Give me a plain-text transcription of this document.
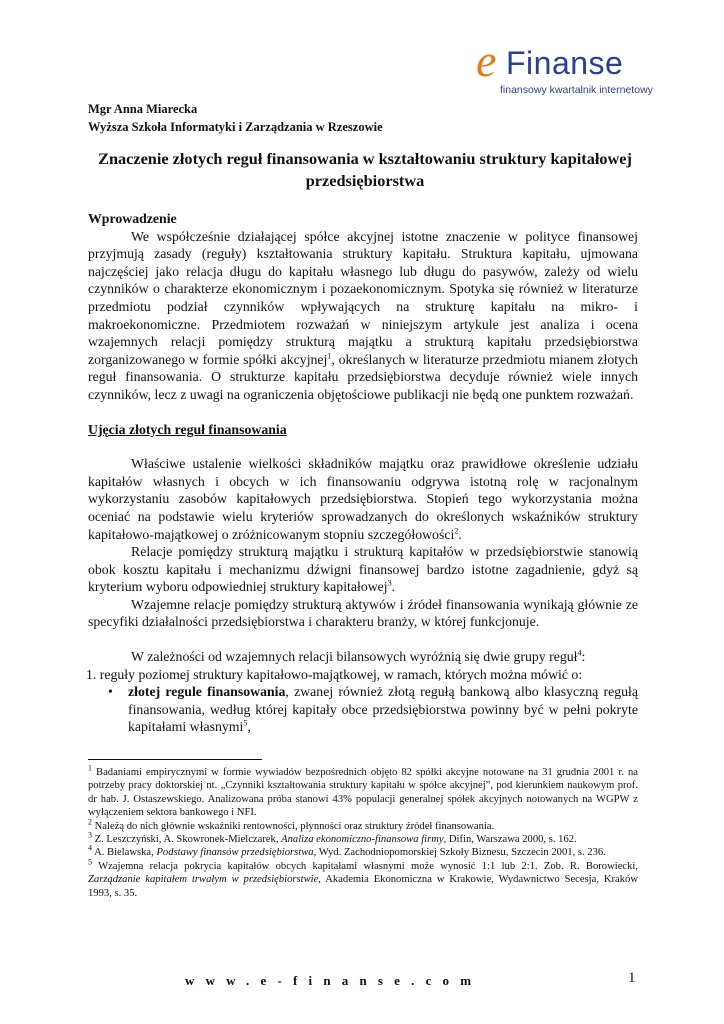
e Finanse
finansowy kwartalnik internetowy
Mgr Anna Miarecka
Wyższa Szkoła Informatyki i Zarządzania w Rzeszowie
Znaczenie złotych reguł finansowania w kształtowaniu struktury kapitałowej przedsiębiorstwa

Wprowadzenie

We współcześnie działającej spółce akcyjnej istotne znaczenie w polityce finansowej przyjmują zasady (reguły) kształtowania struktury kapitału. Struktura kapitału, ujmowana najczęściej jako relacja długu do kapitału własnego lub długu do pasywów, zależy od wielu czynników o charakterze ekonomicznym i pozaekonomicznym. Spotyka się również w literaturze przedmiotu podział czynników wpływających na strukturę kapitału na mikro- i makroekonomiczne. Przedmiotem rozważań w niniejszym artykule jest analiza i ocena wzajemnych relacji pomiędzy strukturą majątku a strukturą kapitału przedsiębiorstwa zorganizowanego w formie spółki akcyjnej$^1$, określanych w literaturze przedmiotu mianem złotych reguł finansowania. O strukturze kapitału przedsiębiorstwa decyduje również wiele innych czynników, lecz z uwagi na ograniczenia objętościowe publikacji nie będą one punktem rozważań.

Ujęcia złotych reguł finansowania

Właściwe ustalenie wielkości składników majątku oraz prawidłowe określenie udziału kapitałów własnych i obcych w ich finansowaniu odgrywa istotną rolę w racjonalnym wykorzystaniu zasobów kapitałowych przedsiębiorstwa. Stopień tego wykorzystania można oceniać na podstawie wielu kryteriów sprowadzanych do określonych wskaźników struktury kapitałowo-majątkowej o zróżnicowanym stopniu szczegółowości$^2$.

Relacje pomiędzy strukturą majątku i strukturą kapitałów w przedsiębiorstwie stanowią obok kosztu kapitału i mechanizmu dźwigni finansowej bardzo istotne zagadnienie, gdyż są kryterium wyboru odpowiedniej struktury kapitałowej$^3$.

Wzajemne relacje pomiędzy strukturą aktywów i źródeł finansowania wynikają głównie ze specyfiki działalności przedsiębiorstwa i charakteru branży, w której funkcjonuje.

W zależności od wzajemnych relacji bilansowych wyróżnią się dwie grupy reguł$^4$:

1. reguły poziomej struktury kapitałowo-majątkowej, w ramach, których można mówić o:

• złotej regule finansowania, zwanej również złotą regułą bankową albo klasyczną regułą finansowania, według której kapitały obce przedsiębiorstwa powinny być w pełni pokryte kapitałami własnymi$^5$,

$^1$ Badaniami empirycznymi w formie wywiadów bezpośrednich objęto 82 spółki akcyjne notowane na 31 grudnia 2001 r. na potrzeby pracy doktorskiej nt. „Czynniki kształtowania struktury kapitału w spółce akcyjnej”, pod kierunkiem naukowym prof. dr hab. J. Ostaszewskiego. Analizowana próba stanowi 43% populacji generalnej spółek akcyjnych notowanych na WGPW z wyłączeniem sektora bankowego i NFI.

$^2$ Należą do nich głównie wskaźniki rentowności, płynności oraz struktury źródeł finansowania.

$^3$ Z. Leszczyński, A. Skowronek-Mielczarek, Analiza ekonomiczno-finansowa firmy, Difin, Warszawa 2000, s. 162.

$^4$ A. Bielawska, Podstawy finansów przedsiębiorstwa, Wyd. Zachodniopomorskiej Szkoły Biznesu, Szczecin 2001, s. 236.

$^5$ Wzajemna relacja pokrycia kapitałów obcych kapitałami własnymi może wynosić 1:1 lub 2:1. Zob. R. Borowiecki, Zarządzanie kapitałem trwałym w przedsiębiorstwie, Akademia Ekonomiczna w Krakowie, Wydawnictwo Secesja, Kraków 1993, s. 35.

www.e-finanse.com	1
